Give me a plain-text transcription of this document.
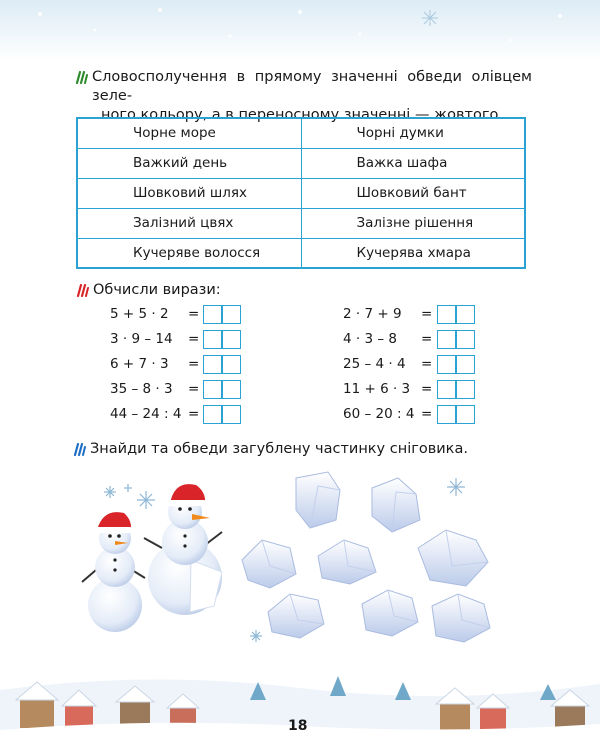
Словосполучення в прямому значенні обведи олівцем зеле-
ного кольору, а в переносному значенні — жовтого.
Чорне море	Чорні думки
Важкий день	Важка шафа
Шовковий шлях	Шовковий бант
Залізний цвях	Залізне рішення
Кучеряве волосся	Кучерява хмара
Обчисли вирази:
5 + 5 · 2 =
3 · 9 – 14 =
6 + 7 · 3 =
35 – 8 · 3 =
44 – 24 : 4 =
2 · 7 + 9 =
4 · 3 – 8 =
25 – 4 · 4 =
11 + 6 · 3 =
60 – 20 : 4 =
Знайди та обведи загублену частинку сніговика.
18
